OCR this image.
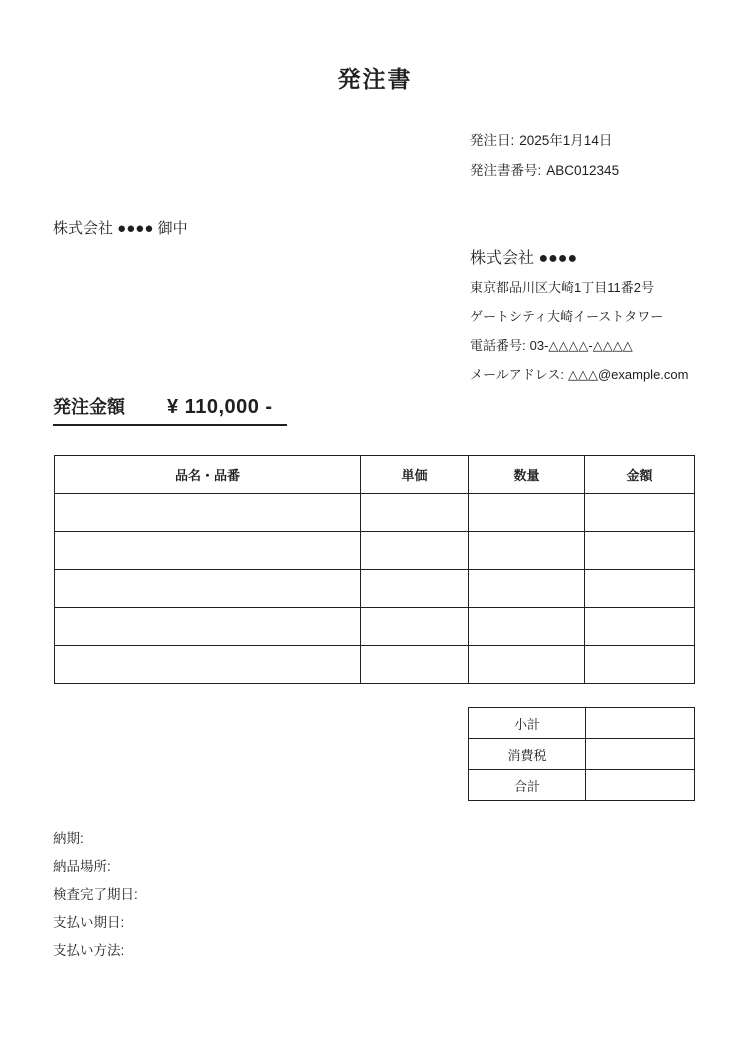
発注書
発注日: 2025年1月14日
発注書番号: ABC012345
株式会社 ●●●● 御中
株式会社 ●●●●
東京都品川区大崎1丁目11番2号
ゲートシティ大崎イーストタワー
電話番号: 03-△△△△-△△△△
メールアドレス: △△△@example.com
発注金額 ¥ 110,000 -
品名・品番	単価	数量	金額

小計	
消費税	
合計	
納期:
納品場所:
検査完了期日:
支払い期日:
支払い方法:
